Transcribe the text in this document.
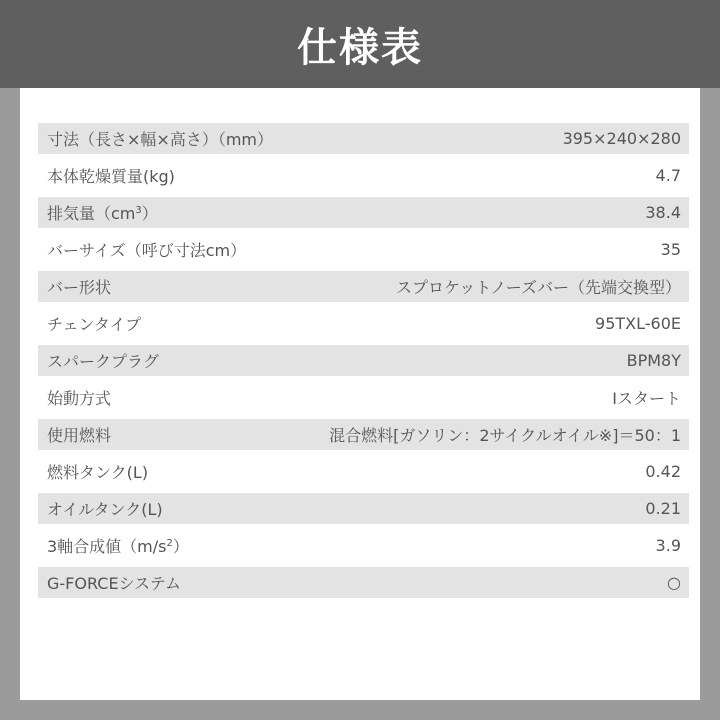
仕様表
寸法（長さ×幅×高さ）（mm）	395×240×280
本体乾燥質量(kg)	4.7
排気量$(cm^3)$	38.4
バーサイズ（呼び寸法cm）	35
バー形状	スプロケットノーズバー（先端交換型）
チェンタイプ	95TXL-60E
スパークプラグ	BPM8Y
始動方式	Iスタート
使用燃料	混合燃料[ガソリン：2サイクルオイル※]＝50：1
燃料タンク(L)	0.42
オイルタンク(L)	0.21
3軸合成値$(m/s^2)$	3.9
G-FORCEシステム	○
